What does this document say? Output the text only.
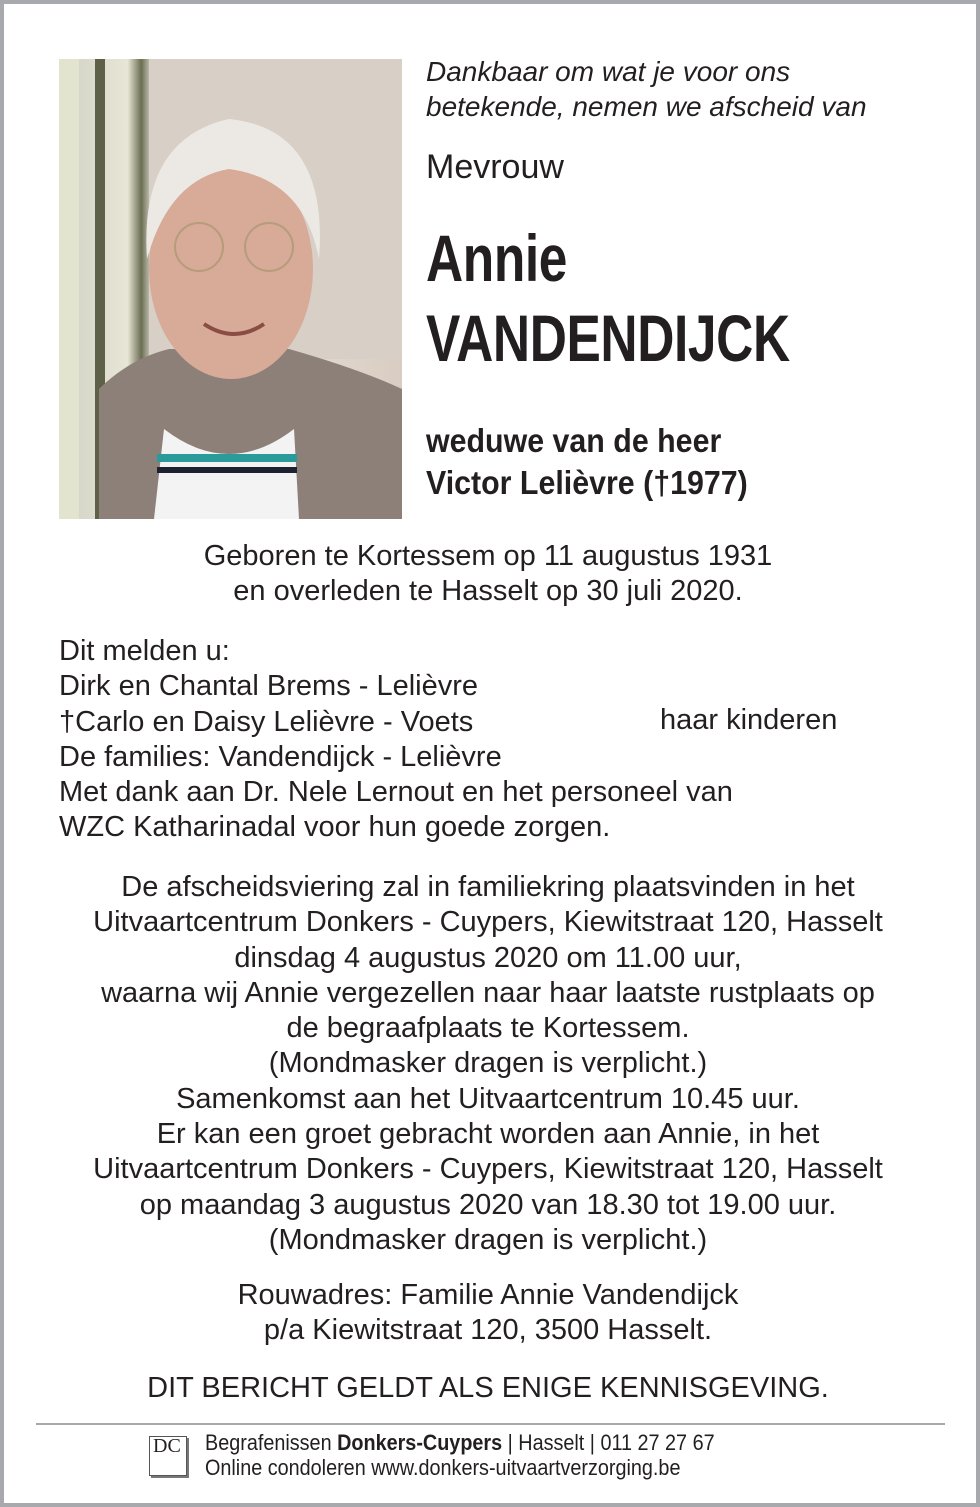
Dankbaar om wat je voor ons
betekende, nemen we afscheid van
Mevrouw
Annie
VANDENDIJCK
weduwe van de heer
Victor Lelièvre (†1977)
Geboren te Kortessem op 11 augustus 1931
en overleden te Hasselt op 30 juli 2020.
Dit melden u:
Dirk en Chantal Brems - Lelièvre
†Carlo en Daisy Lelièvre - Voets
De families: Vandendijck - Lelièvre
Met dank aan Dr. Nele Lernout en het personeel van
WZC Katharinadal voor hun goede zorgen.
haar kinderen
De afscheidsviering zal in familiekring plaatsvinden in het
Uitvaartcentrum Donkers - Cuypers, Kiewitstraat 120, Hasselt
dinsdag 4 augustus 2020 om 11.00 uur,
waarna wij Annie vergezellen naar haar laatste rustplaats op
de begraafplaats te Kortessem.
(Mondmasker dragen is verplicht.)
Samenkomst aan het Uitvaartcentrum 10.45 uur.
Er kan een groet gebracht worden aan Annie, in het
Uitvaartcentrum Donkers - Cuypers, Kiewitstraat 120, Hasselt
op maandag 3 augustus 2020 van 18.30 tot 19.00 uur.
(Mondmasker dragen is verplicht.)
Rouwadres: Familie Annie Vandendijck
p/a Kiewitstraat 120, 3500 Hasselt.
DIT BERICHT GELDT ALS ENIGE KENNISGEVING.
DC Begrafenissen Donkers-Cuypers | Hasselt | 011 27 27 67
Online condoleren www.donkers-uitvaartverzorging.be
